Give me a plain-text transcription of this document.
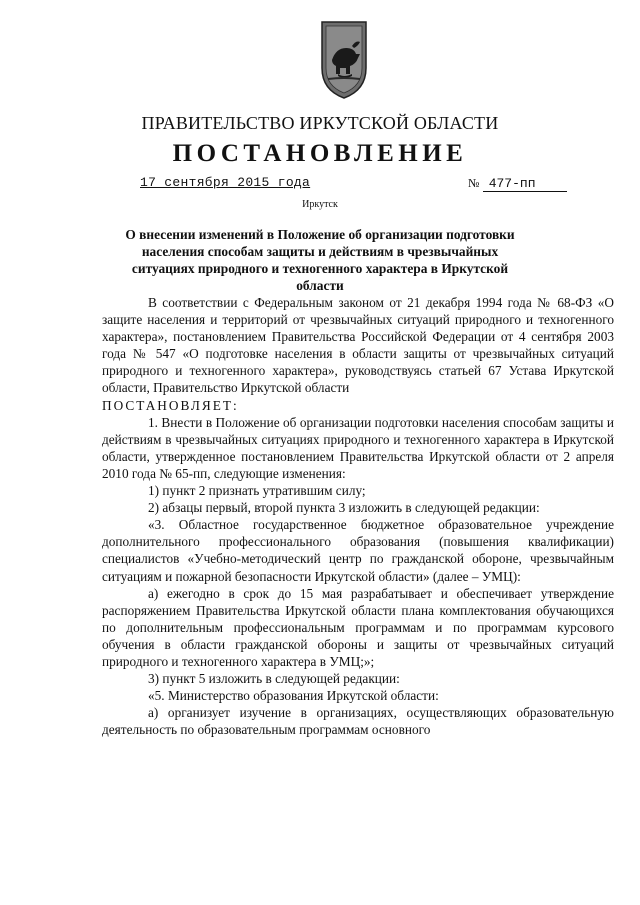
ПРАВИТЕЛЬСТВО ИРКУТСКОЙ ОБЛАСТИ
ПОСТАНОВЛЕНИЕ
17 сентября 2015 года	№ 477-пп
Иркутск
О внесении изменений в Положение об организации подготовки населения способам защиты и действиям в чрезвычайных ситуациях природного и техногенного характера в Иркутской области

В соответствии с Федеральным законом от 21 декабря 1994 года № 68-ФЗ «О защите населения и территорий от чрезвычайных ситуаций природного и техногенного характера», постановлением Правительства Российской Федерации от 4 сентября 2003 года № 547 «О подготовке населения в области защиты от чрезвычайных ситуаций природного и техногенного характера», руководствуясь статьей 67 Устава Иркутской области, Правительство Иркутской области

ПОСТАНОВЛЯЕТ:

1. Внести в Положение об организации подготовки населения способам защиты и действиям в чрезвычайных ситуациях природного и техногенного характера в Иркутской области, утвержденное постановлением Правительства Иркутской области от 2 апреля 2010 года № 65-пп, следующие изменения:

1) пункт 2 признать утратившим силу;

2) абзацы первый, второй пункта 3 изложить в следующей редакции:

«3. Областное государственное бюджетное образовательное учреждение дополнительного профессионального образования (повышения квалификации) специалистов «Учебно-методический центр по гражданской обороне, чрезвычайным ситуациям и пожарной безопасности Иркутской области» (далее – УМЦ):

а) ежегодно в срок до 15 мая разрабатывает и обеспечивает утверждение распоряжением Правительства Иркутской области плана комплектования обучающихся по дополнительным профессиональным программам и по программам курсового обучения в области гражданской обороны и защиты от чрезвычайных ситуаций природного и техногенного характера в УМЦ;»;

3) пункт 5 изложить в следующей редакции:

«5. Министерство образования Иркутской области:

а) организует изучение в организациях, осуществляющих образовательную деятельность по образовательным программам основного
